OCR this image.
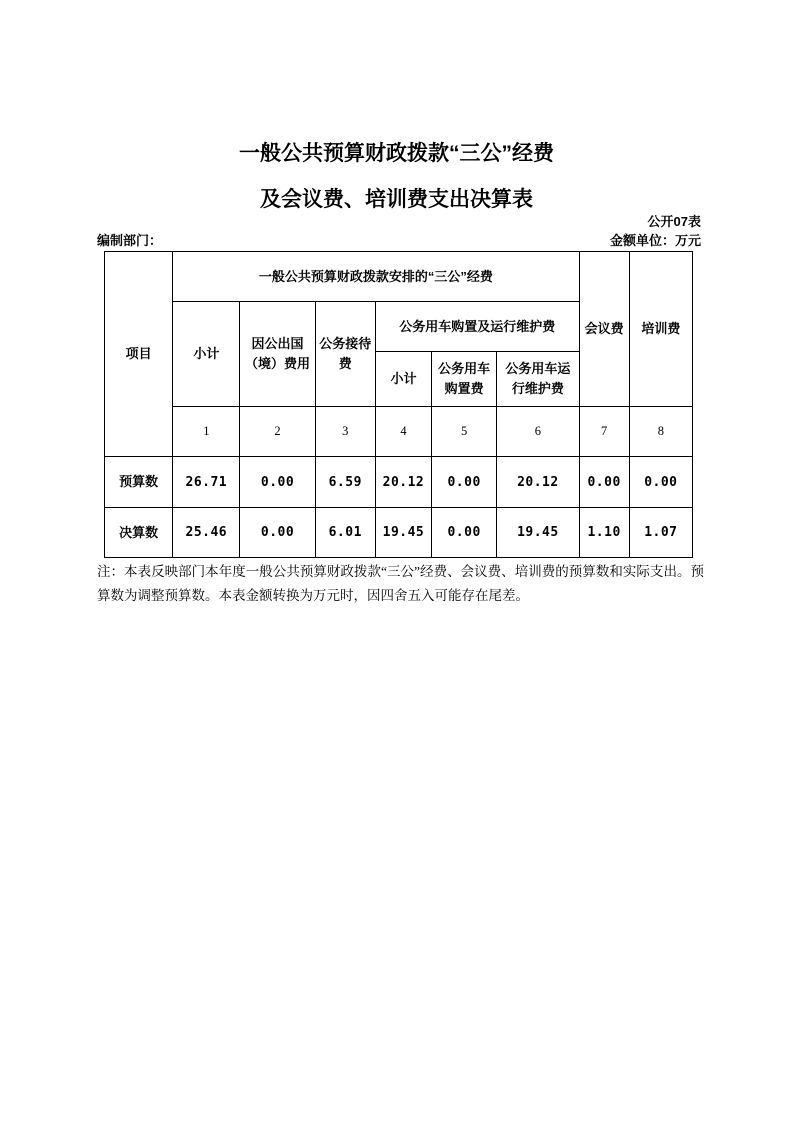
一般公共预算财政拨款“三公”经费
及会议费、培训费支出决算表
公开07表
编制部门：	金额单位：万元
项目	一般公共预算财政拨款安排的“三公”经费						会议费	培训费
	小计	因公出国（境）费用	公务接待费	公务用车购置及运行维护费				
				小计	公务用车购置费	公务用车运行维护费		
	1	2	3	4	5	6	7	8
预算数	26.71	0.00	6.59	20.12	0.00	20.12	0.00	0.00
决算数	25.46	0.00	6.01	19.45	0.00	19.45	1.10	1.07

注：本表反映部门本年度一般公共预算财政拨款“三公”经费、会议费、培训费的预算数和实际支出。预算数为调整预算数。本表金额转换为万元时，因四舍五入可能存在尾差。
